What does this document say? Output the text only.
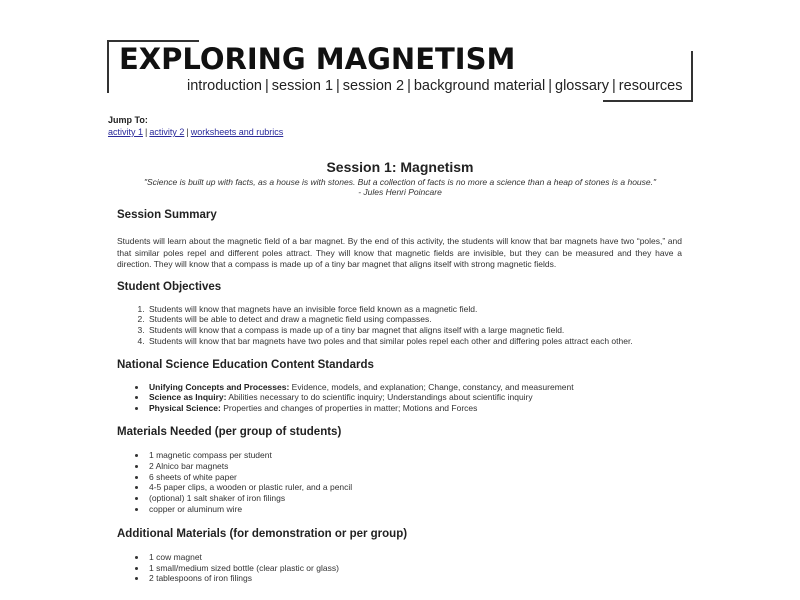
EXPLORING MAGNETISM
introduction | session 1 | session 2 | background material | glossary | resources
Jump To:
activity 1 | activity 2 | worksheets and rubrics
Session 1: Magnetism
"Science is built up with facts, as a house is with stones. But a collection of facts is no more a science than a heap of stones is a house."
- Jules Henri Poincare
Session Summary

Students will learn about the magnetic field of a bar magnet. By the end of this activity, the students will know that bar magnets have two “poles,” and that similar poles repel and different poles attract. They will know that magnetic fields are invisible, but they can be measured and they have a direction. They will know that a compass is made up of a tiny bar magnet that aligns itself with strong magnetic fields.

Student Objectives
1. Students will know that magnets have an invisible force field known as a magnetic field.
2. Students will be able to detect and draw a magnetic field using compasses.
3. Students will know that a compass is made up of a tiny bar magnet that aligns itself with a large magnetic field.
4. Students will know that bar magnets have two poles and that similar poles repel each other and differing poles attract each other.
National Science Education Content Standards
• Unifying Concepts and Processes: Evidence, models, and explanation; Change, constancy, and measurement
• Science as Inquiry: Abilities necessary to do scientific inquiry; Understandings about scientific inquiry
• Physical Science: Properties and changes of properties in matter; Motions and Forces
Materials Needed (per group of students)
• 1 magnetic compass per student
• 2 Alnico bar magnets
• 6 sheets of white paper
• 4-5 paper clips, a wooden or plastic ruler, and a pencil
• (optional) 1 salt shaker of iron filings
• copper or aluminum wire
Additional Materials (for demonstration or per group)
• 1 cow magnet
• 1 small/medium sized bottle (clear plastic or glass)
• 2 tablespoons of iron filings
